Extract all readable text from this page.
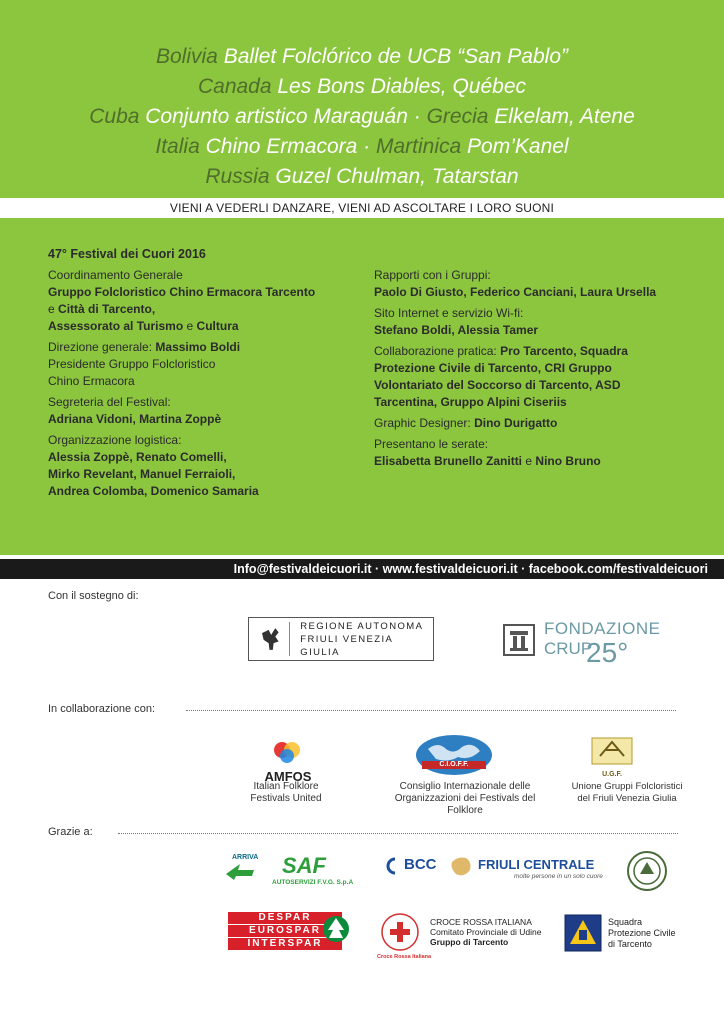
Bolivia Ballet Folclórico de UCB “San Pablo”
Canada Les Bons Diables, Québec
Cuba Conjunto artistico Maraguán · Grecia Elkelam, Atene
Italia Chino Ermacora · Martinica Pom’Kanel
Russia Guzel Chulman, Tatarstan
47° Festival dei Cuori 2016
Coordinamento Generale
Gruppo Folcloristico Chino Ermacora Tarcento
e Città di Tarcento,
Assessorato al Turismo e Cultura
Direzione generale: Massimo Boldi
Presidente Gruppo Folcloristico
Chino Ermacora
Segreteria del Festival:
Adriana Vidoni, Martina Zoppè
Organizzazione logistica:
Alessia Zoppè, Renato Comelli,
Mirko Revelant, Manuel Ferraioli,
Andrea Colomba, Domenico Samaria
Rapporti con i Gruppi:
Paolo Di Giusto, Federico Canciani, Laura Ursella
Sito Internet e servizio Wi-fi:
Stefano Boldi, Alessia Tamer
Collaborazione pratica: Pro Tarcento, Squadra
Protezione Civile di Tarcento, CRI Gruppo
Volontariato del Soccorso di Tarcento, ASD
Tarcentina, Gruppo Alpini Ciseriis
Graphic Designer: Dino Durigatto
Presentano le serate:
Elisabetta Brunello Zanitti e Nino Bruno
VIENI A VEDERLI DANZARE, VIENI AD ASCOLTARE I LORO SUONI
Info@festivaldeicuori.it · www.festivaldeicuori.it · facebook.com/festivaldeicuori
Con il sostegno di:
REGIONE AUTONOMA
FRIULI VENEZIA GIULIA
FONDAZIONE
CRUP
25°
In collaborazione con:
AMFOS
Italian Folklore
Festivals United
C.I.O.F.F.
Consiglio Internazionale delle
Organizzazioni dei Festivals del Folklore
U.G.F.
Unione Gruppi Folcloristici
del Friuli Venezia Giulia
Grazie a:
ARRIVA SAF
AUTOSERVIZI F.V.G. S.p.A
BCC	FRIULI CENTRALE
molte persone in un solo cuore
DESPAR
EUROSPAR
INTERSPAR
Croce Rossa Italiana
CROCE ROSSA ITALIANA
Comitato Provinciale di Udine
Gruppo di Tarcento
Squadra
Protezione Civile
di Tarcento
